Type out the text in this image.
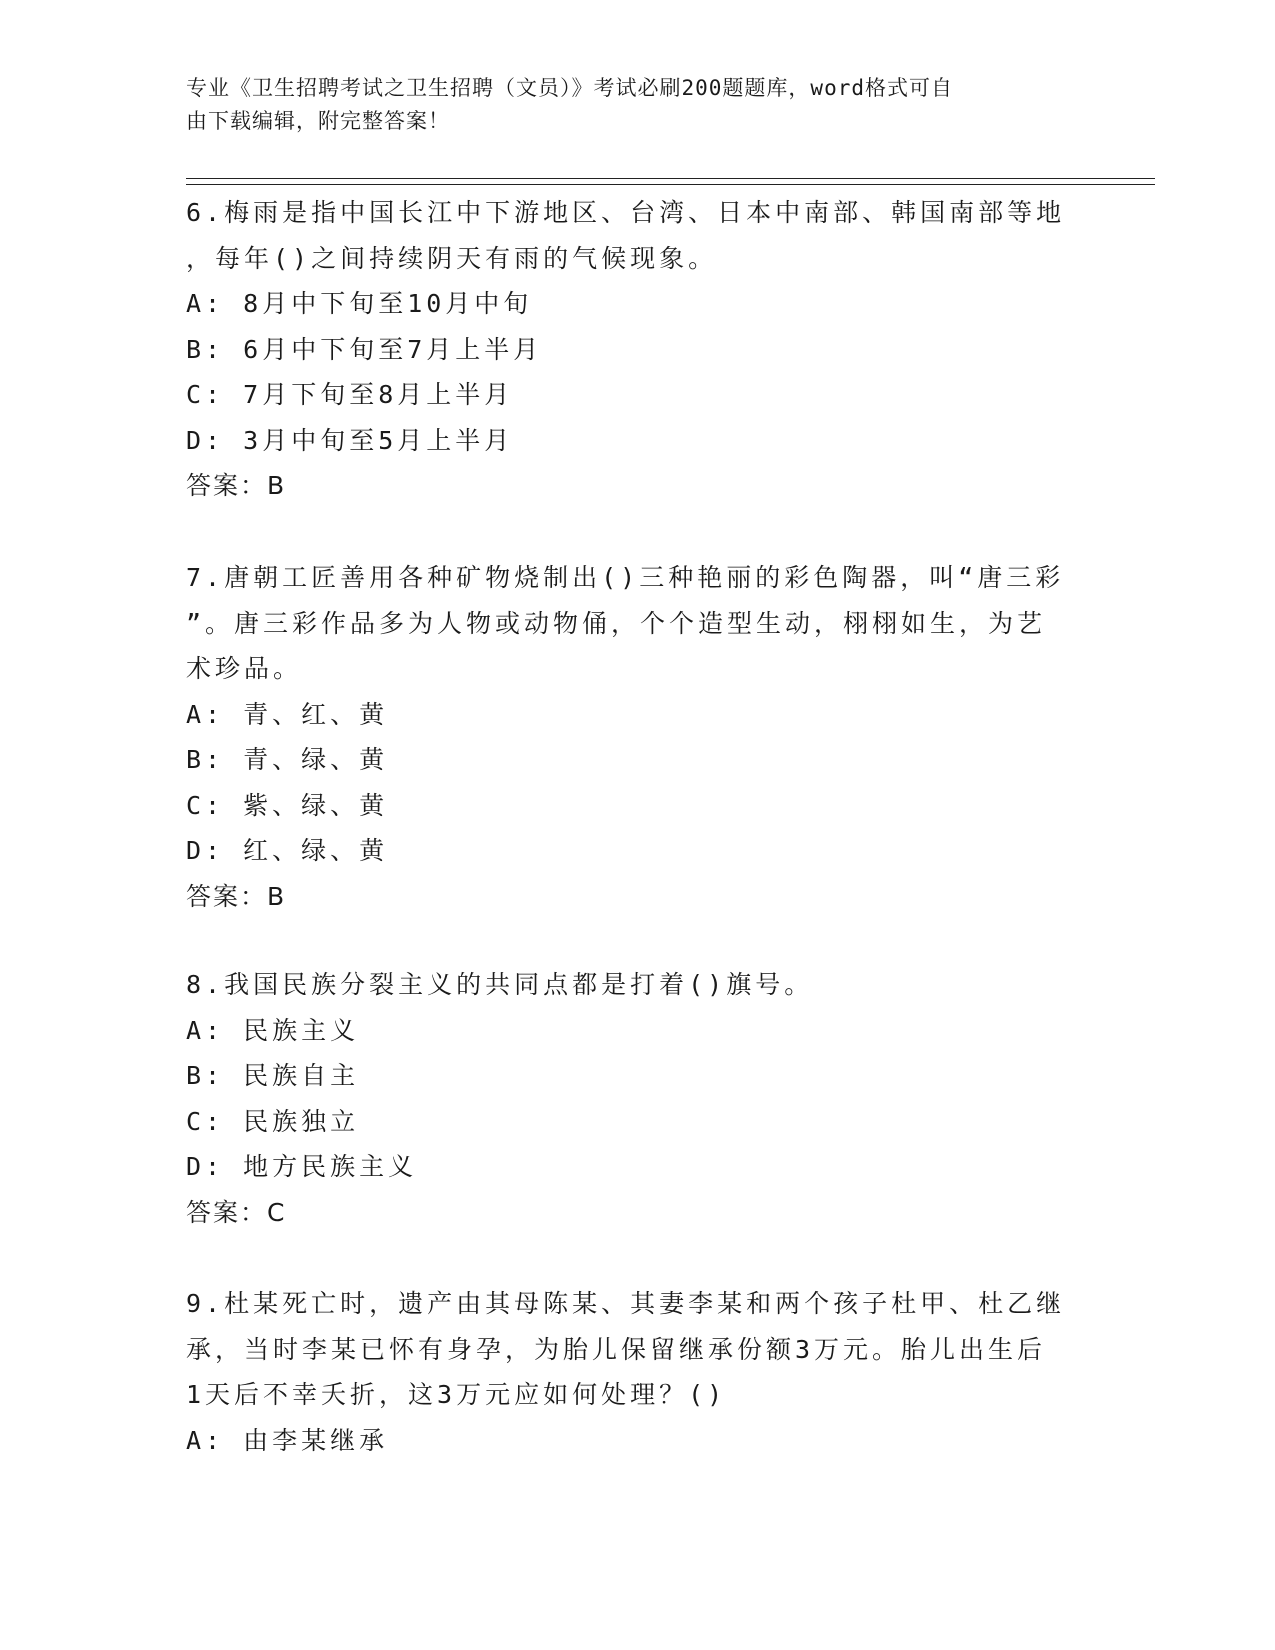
专业《卫生招聘考试之卫生招聘（文员）》考试必刷200题题库，word格式可自
由下载编辑，附完整答案！

6.梅雨是指中国长江中下游地区、台湾、日本中南部、韩国南部等地

，每年()之间持续阴天有雨的气候现象。

A: 8月中下旬至10月中旬

B: 6月中下旬至7月上半月

C: 7月下旬至8月上半月

D: 3月中旬至5月上半月

答案：B

7.唐朝工匠善用各种矿物烧制出()三种艳丽的彩色陶器，叫“唐三彩

”。唐三彩作品多为人物或动物俑，个个造型生动，栩栩如生，为艺

术珍品。

A: 青、红、黄

B: 青、绿、黄

C: 紫、绿、黄

D: 红、绿、黄

答案：B

8.我国民族分裂主义的共同点都是打着()旗号。

A: 民族主义

B: 民族自主

C: 民族独立

D: 地方民族主义

答案：C

9.杜某死亡时，遗产由其母陈某、其妻李某和两个孩子杜甲、杜乙继

承，当时李某已怀有身孕，为胎儿保留继承份额3万元。胎儿出生后

1天后不幸夭折，这3万元应如何处理？()

A: 由李某继承
